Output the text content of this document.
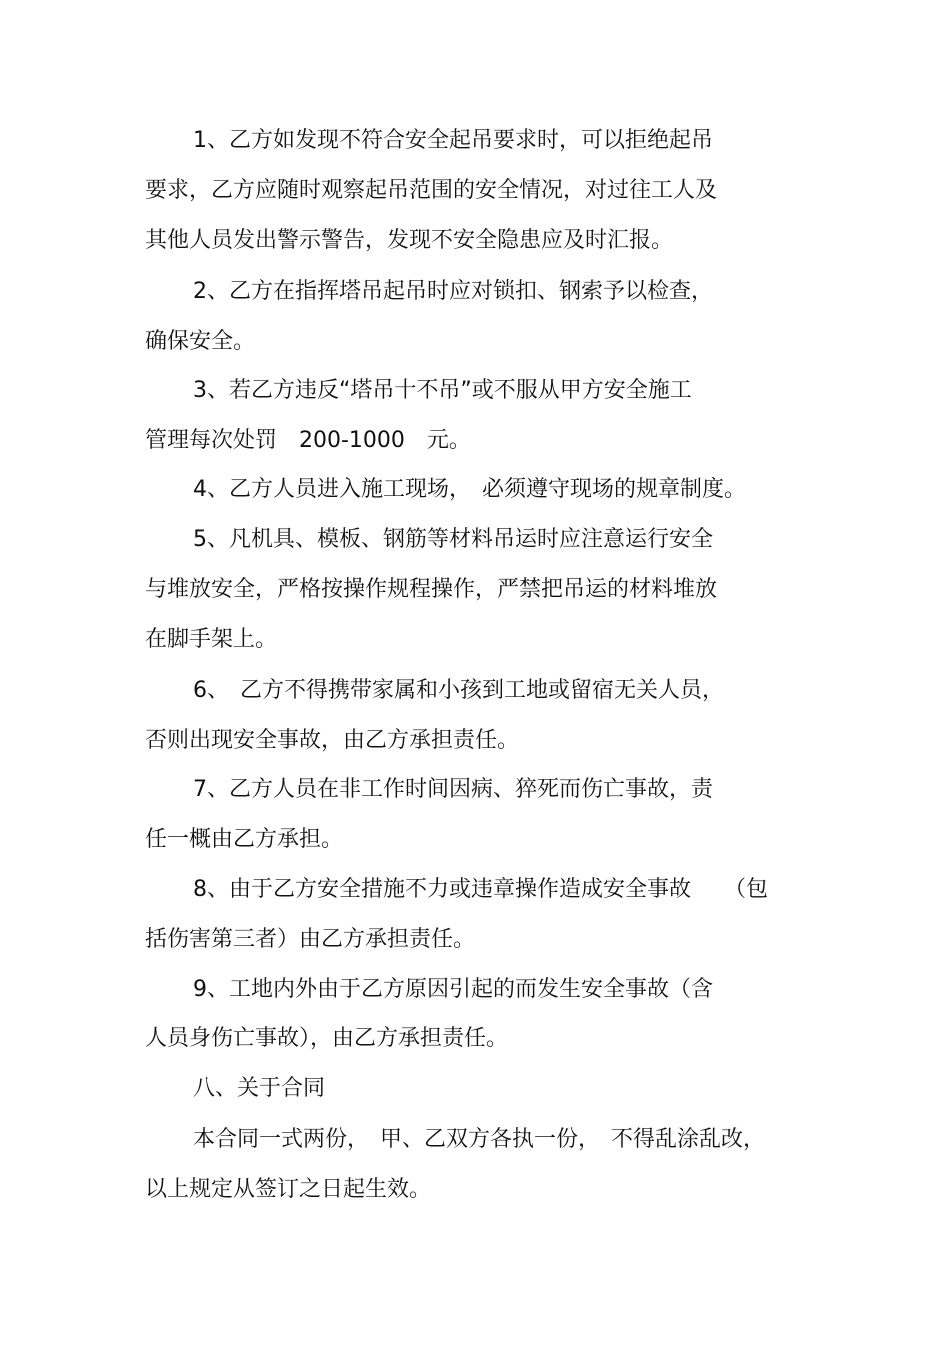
1、乙方如发现不符合安全起吊要求时，可以拒绝起吊
要求，乙方应随时观察起吊范围的安全情况，对过往工人及
其他人员发出警示警告，发现不安全隐患应及时汇报。
2、乙方在指挥塔吊起吊时应对锁扣、钢索予以检查，
确保安全。
3、若乙方违反“塔吊十不吊”或不服从甲方安全施工
管理每次处罚　200-1000　元。
4、乙方人员进入施工现场，　必须遵守现场的规章制度。
5、凡机具、模板、钢筋等材料吊运时应注意运行安全
与堆放安全，严格按操作规程操作，严禁把吊运的材料堆放
在脚手架上。
6、　乙方不得携带家属和小孩到工地或留宿无关人员，
否则出现安全事故，由乙方承担责任。
7、乙方人员在非工作时间因病、猝死而伤亡事故，责
任一概由乙方承担。
8、由于乙方安全措施不力或违章操作造成安全事故　　（包
括伤害第三者）由乙方承担责任。
9、工地内外由于乙方原因引起的而发生安全事故（含
人员身伤亡事故），由乙方承担责任。
八、关于合同
本合同一式两份，　甲、乙双方各执一份，　不得乱涂乱改，
以上规定从签订之日起生效。
